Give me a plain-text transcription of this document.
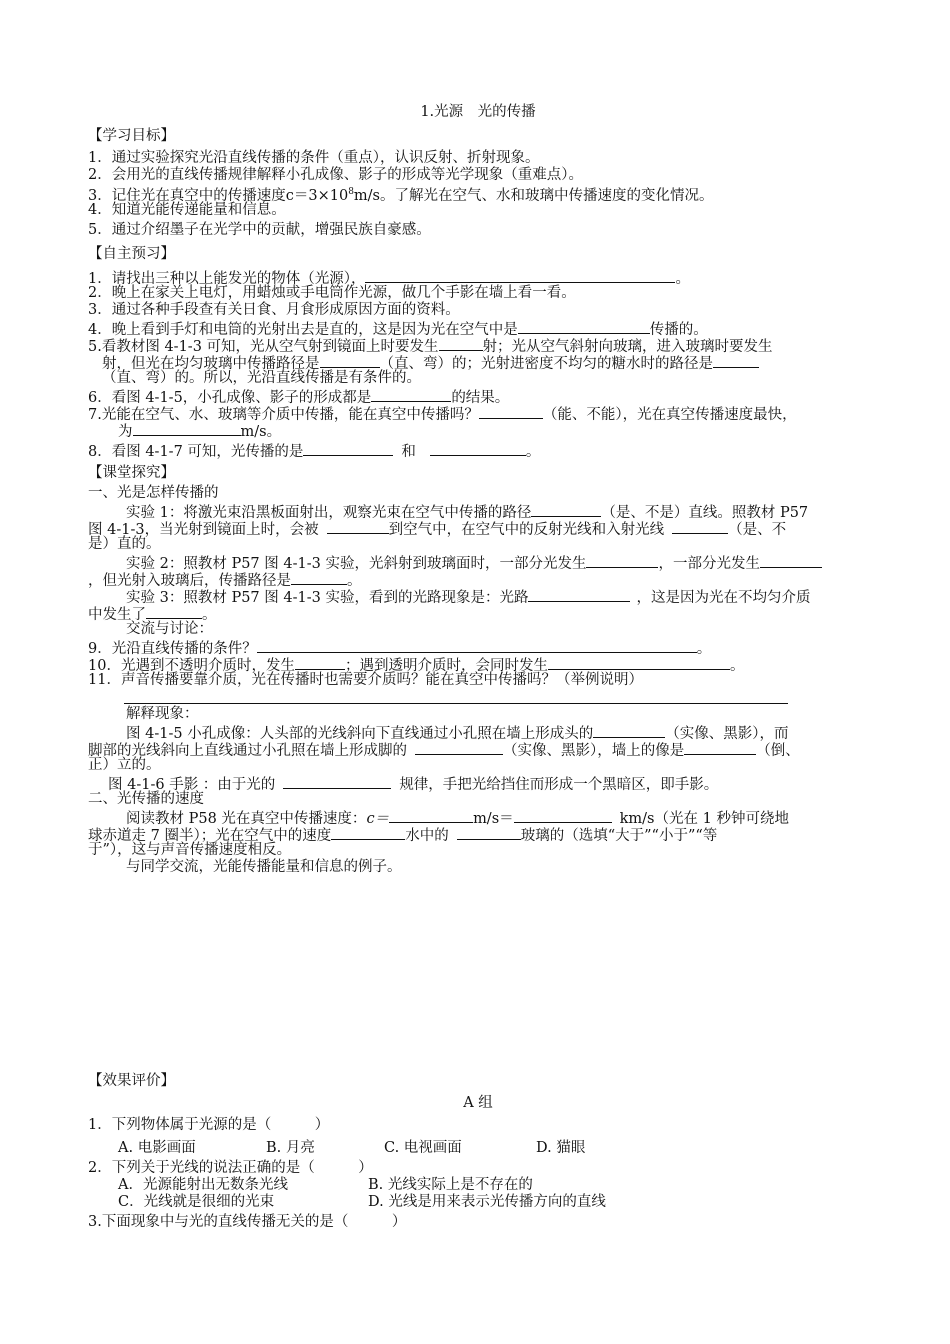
1.光源　光的传播
【学习目标】
1．通过实验探究光沿直线传播的条件（重点），认识反射、折射现象。
2．会用光的直线传播规律解释小孔成像、影子的形成等光学现象（重难点）。
3．记住光在真空中的传播速度$c=3\times 10^8m/s$。了解光在空气、水和玻璃中传播速度的变化情况。
4．知道光能传递能量和信息。
5．通过介绍墨子在光学中的贡献，增强民族自豪感。
【自主预习】
1．请找出三种以上能发光的物体（光源），	。
2．晚上在家关上电灯，用蜡烛或手电筒作光源，做几个手影在墙上看一看。
3．通过各种手段查有关日食、月食形成原因方面的资料。
4．晚上看到手灯和电筒的光射出去是直的，这是因为光在空气中是	传播的。
5.看教材图 4-1-3 可知，光从空气射到镜面上时要发生	射；光从空气斜射向玻璃，进入玻璃时要发生
射，但光在均匀玻璃中传播路径是	（直、弯）的；光射进密度不均匀的糖水时的路径是
（直、弯）的。所以，光沿直线传播是有条件的。
6．看图 4-1-5，小孔成像、影子的形成都是	的结果。
7.光能在空气、水、玻璃等介质中传播，能在真空中传播吗？	（能、不能），光在真空传播速度最快，
为	m/s。
8．看图 4-1-7 可知，光传播的是	和	。
【课堂探究】
一、光是怎样传播的
实验 1：将激光束沿黑板面射出，观察光束在空气中传播的路径	（是、不是）直线。照教材 P57
图 4-1-3，当光射到镜面上时，会被	到空气中，在空气中的反射光线和入射光线	（是、不
是）直的。
实验 2：照教材 P57 图 4-1-3 实验，光斜射到玻璃面时，一部分光发生	，一部分光发生
，但光射入玻璃后，传播路径是	。
实验 3：照教材 P57 图 4-1-3 实验，看到的光路现象是：光路	，这是因为光在不均匀介质
中发生了	。
交流与讨论：
9．光沿直线传播的条件？	。
10．光遇到不透明介质时，发生	；遇到透明介质时，会同时发生	。
11．声音传播要靠介质，光在传播时也需要介质吗？能在真空中传播吗？（举例说明）
解释现象：
图 4-1-5 小孔成像：人头部的光线斜向下直线通过小孔照在墙上形成头的	（实像、黑影），而
脚部的光线斜向上直线通过小孔照在墙上形成脚的	（实像、黑影），墙上的像是	（倒、
正）立的。
图 4-1-6 手影 ：由于光的	规律，手把光给挡住而形成一个黑暗区，即手影。
二、光传播的速度
阅读教材 P58 光在真空中传播速度：c＝	m/s＝	km/s（光在 1 秒钟可绕地
球赤道走 7 圈半）；光在空气中的速度	水中的	玻璃的（选填“大于”“小于”“等
于”），这与声音传播速度相反。
与同学交流，光能传播能量和信息的例子。
【效果评价】
A 组
1．下列物体属于光源的是（　　　）
A. 电影画面	B. 月亮	C. 电视画面	D. 猫眼
2．下列关于光线的说法正确的是（　　　）
A．光源能射出无数条光线	B. 光线实际上是不存在的
C．光线就是很细的光束	D. 光线是用来表示光传播方向的直线
3.下面现象中与光的直线传播无关的是（　　　）
